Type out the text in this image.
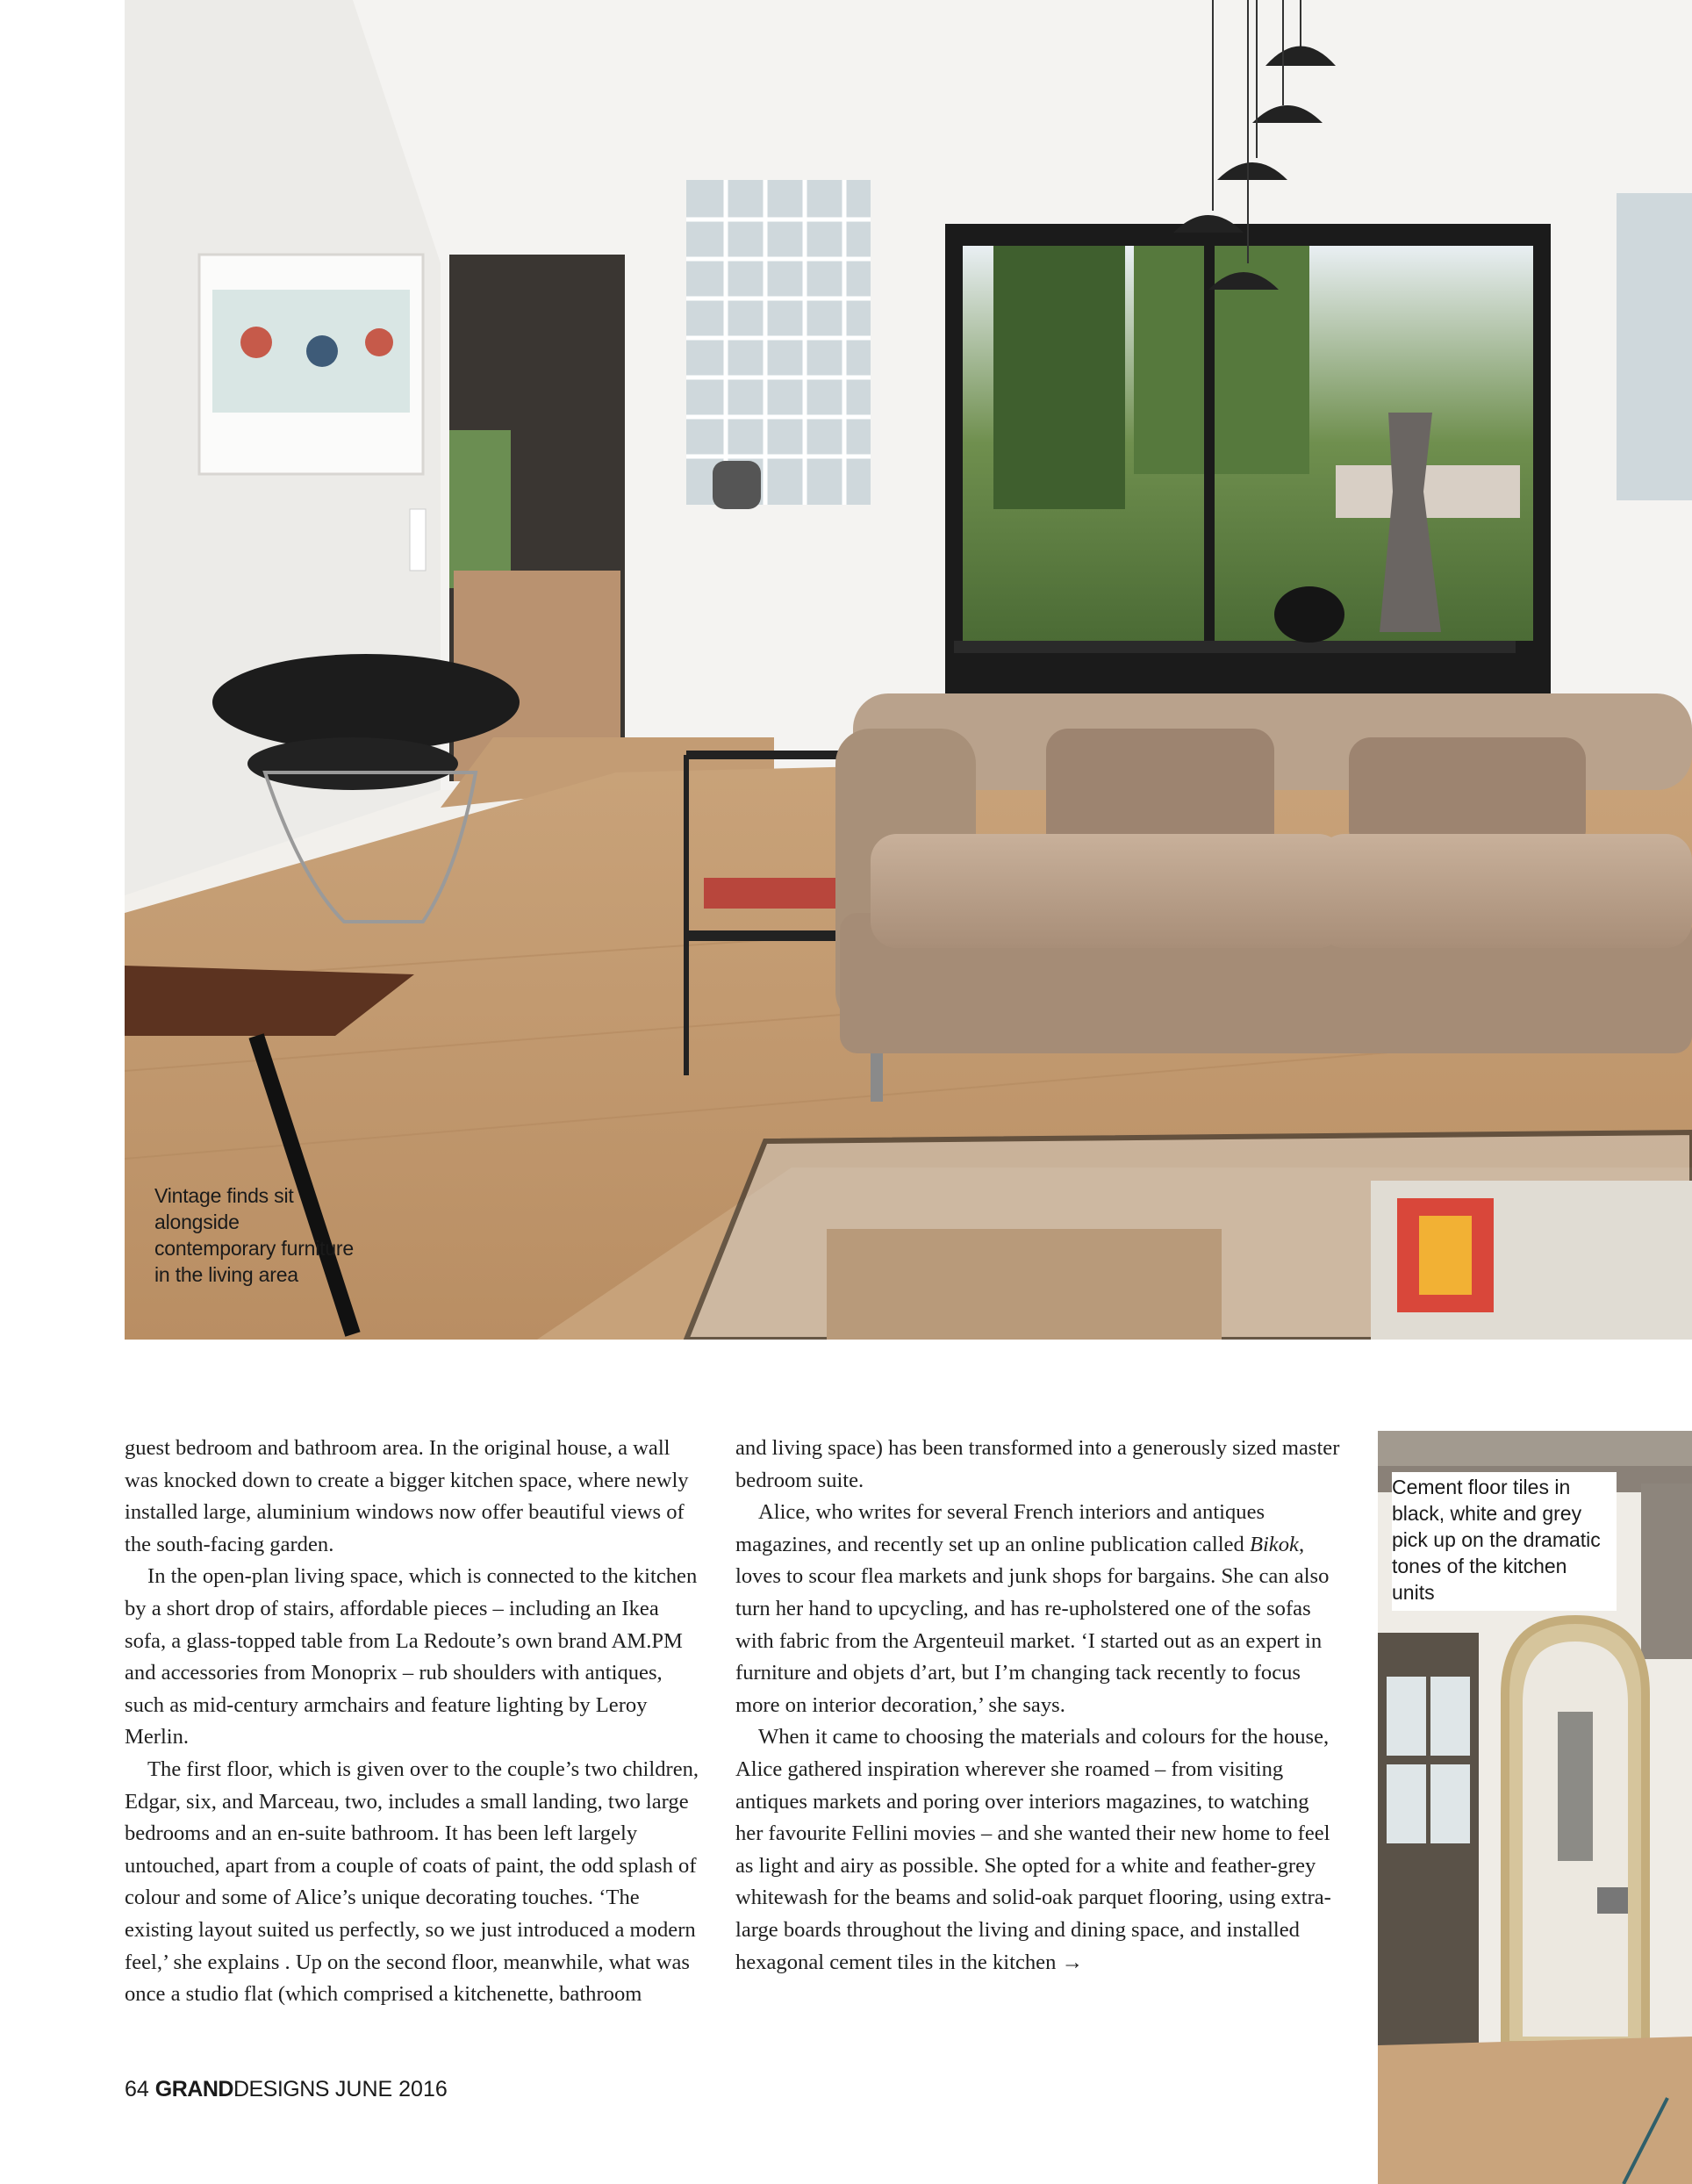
Vintage finds sit alongside contemporary furniture in the living area

guest bedroom and bathroom area. In the original house, a wall was knocked down to create a bigger kitchen space, where newly installed large, aluminium windows now offer beautiful views of the south-facing garden.

In the open-plan living space, which is connected to the kitchen by a short drop of stairs, affordable pieces – including an Ikea sofa, a glass-topped table from La Redoute’s own brand AM.PM and accessories from Monoprix – rub shoulders with antiques, such as mid-century armchairs and feature lighting by Leroy Merlin.

The first floor, which is given over to the couple’s two children, Edgar, six, and Marceau, two, includes a small landing, two large bedrooms and an en-suite bathroom. It has been left largely untouched, apart from a couple of coats of paint, the odd splash of colour and some of Alice’s unique decorating touches. ‘The existing layout suited us perfectly, so we just introduced a modern feel,’ she explains . Up on the second floor, meanwhile, what was once a studio flat (which comprised a kitchenette, bathroom

and living space) has been transformed into a generously sized master bedroom suite.

Alice, who writes for several French interiors and antiques magazines, and recently set up an online publication called Bikok, loves to scour flea markets and junk shops for bargains. She can also turn her hand to upcycling, and has re-upholstered one of the sofas with fabric from the Argenteuil market. ‘I started out as an expert in furniture and objets d’art, but I’m changing tack recently to focus more on interior decoration,’ she says.

When it came to choosing the materials and colours for the house, Alice gathered inspiration wherever she roamed – from visiting antiques markets and poring over interiors magazines, to watching her favourite Fellini movies – and she wanted their new home to feel as light and airy as possible. She opted for a white and feather-grey whitewash for the beams and solid-oak parquet flooring, using extra-large boards throughout the living and dining space, and installed hexagonal cement tiles in the kitchen →

Cement floor tiles in black, white and grey pick up on the dramatic tones of the kitchen units
64 GRANDDESIGNS JUNE 2016
